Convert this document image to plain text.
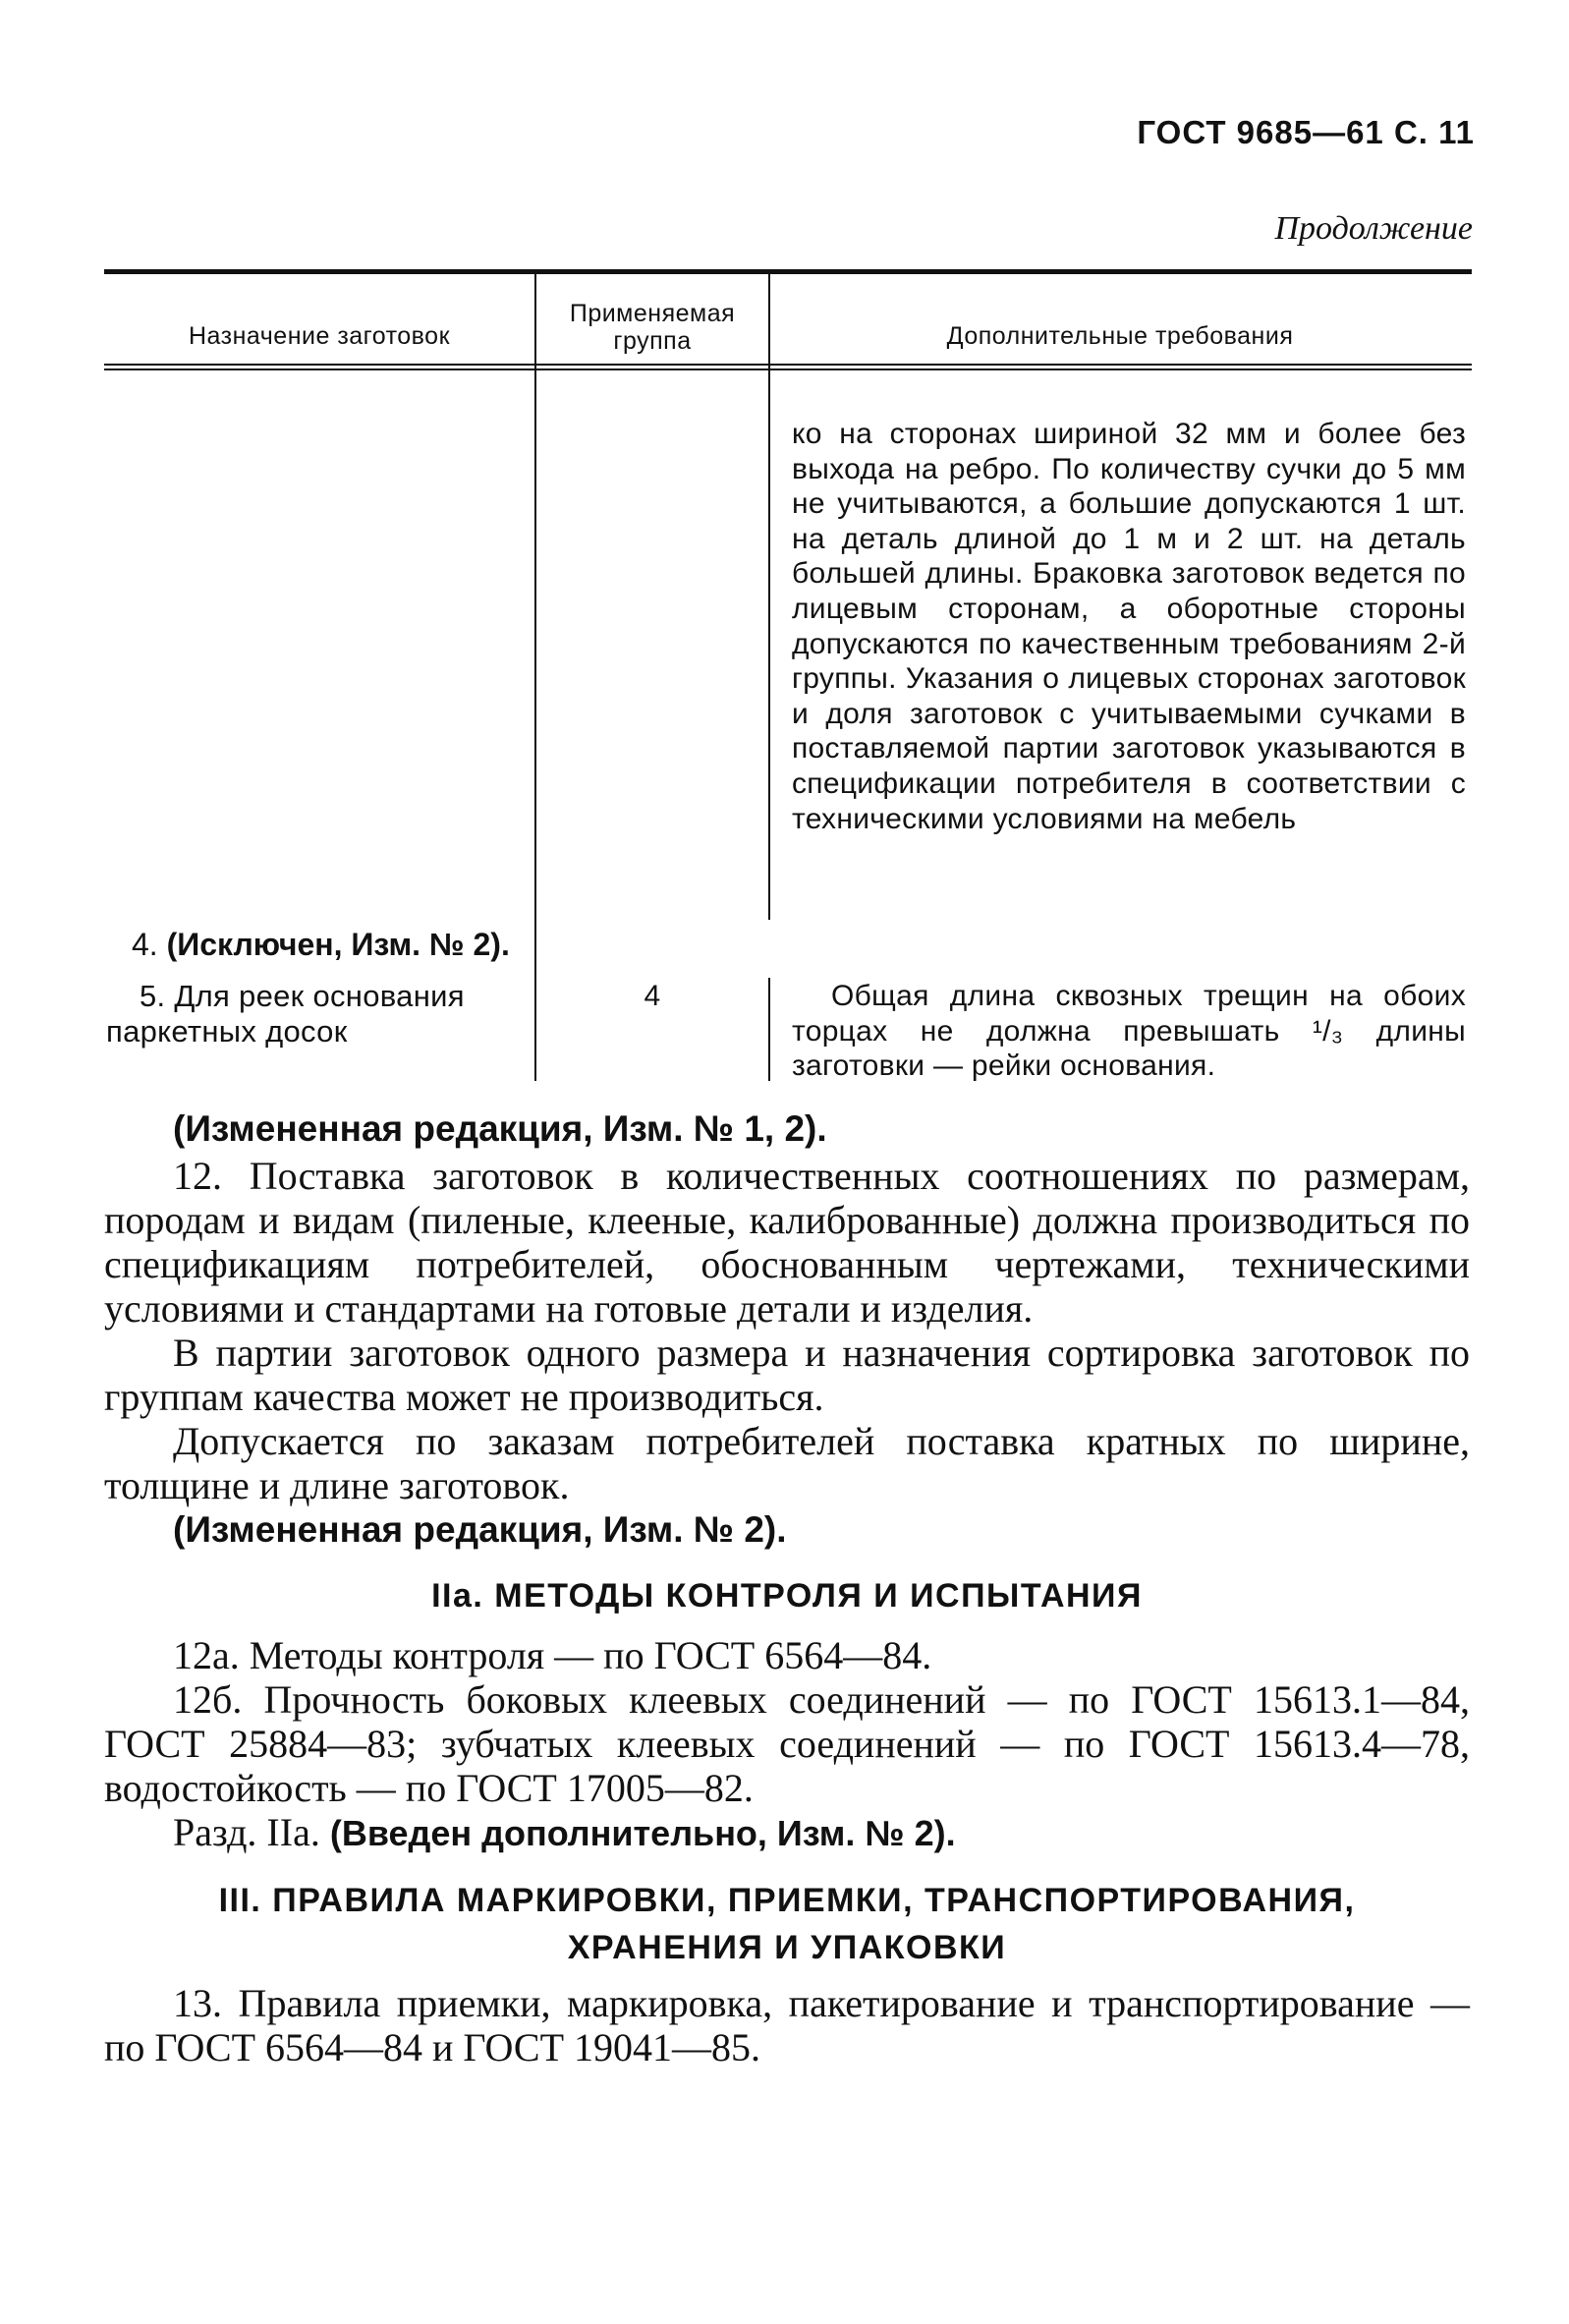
ГОСТ 9685—61 С. 11
Продолжение
Назначение заготовок
Применяемая
группа	Дополнительные требования
ко на сторонах шириной 32 мм и более без выхода на ребро. По количеству сучки до 5 мм не учитываются, а большие допускаются 1 шт. на деталь длиной до 1 м и 2 шт. на деталь большей длины. Браковка заготовок ведется по лицевым сторонам, а оборотные стороны допускаются по качественным требованиям 2-й группы. Указания о лицевых сторонах заготовок и доля заготовок с учитываемыми сучками в поставляемой партии заготовок указываются в спецификации потребителя в соответствии с техническими условиями на мебель
4. (Исключен, Изм. № 2).
5. Для реек основания паркетных досок
4	Общая длина сквозных трещин на обоих торцах не должна превышать ¹/₃ длины заготовки — рейки основания.

(Измененная редакция, Изм. № 1, 2).

12. Поставка заготовок в количественных соотношениях по размерам, породам и видам (пиленые, клееные, калиброванные) должна производиться по спецификациям потребителей, обоснованным чертежами, техническими условиями и стандартами на готовые детали и изделия.

В партии заготовок одного размера и назначения сортировка заготовок по группам качества может не производиться.

Допускается по заказам потребителей поставка кратных по ширине, толщине и длине заготовок.

(Измененная редакция, Изм. № 2).

IIа. МЕТОДЫ КОНТРОЛЯ И ИСПЫТАНИЯ

12а. Методы контроля — по ГОСТ 6564—84.

12б. Прочность боковых клеевых соединений — по ГОСТ 15613.1—84, ГОСТ 25884—83; зубчатых клеевых соединений — по ГОСТ 15613.4—78, водостойкость — по ГОСТ 17005—82.

Разд. IIа. (Введен дополнительно, Изм. № 2).

III. ПРАВИЛА МАРКИРОВКИ, ПРИЕМКИ, ТРАНСПОРТИРОВАНИЯ,
ХРАНЕНИЯ И УПАКОВКИ

13. Правила приемки, маркировка, пакетирование и транспортирование — по ГОСТ 6564—84 и ГОСТ 19041—85.
